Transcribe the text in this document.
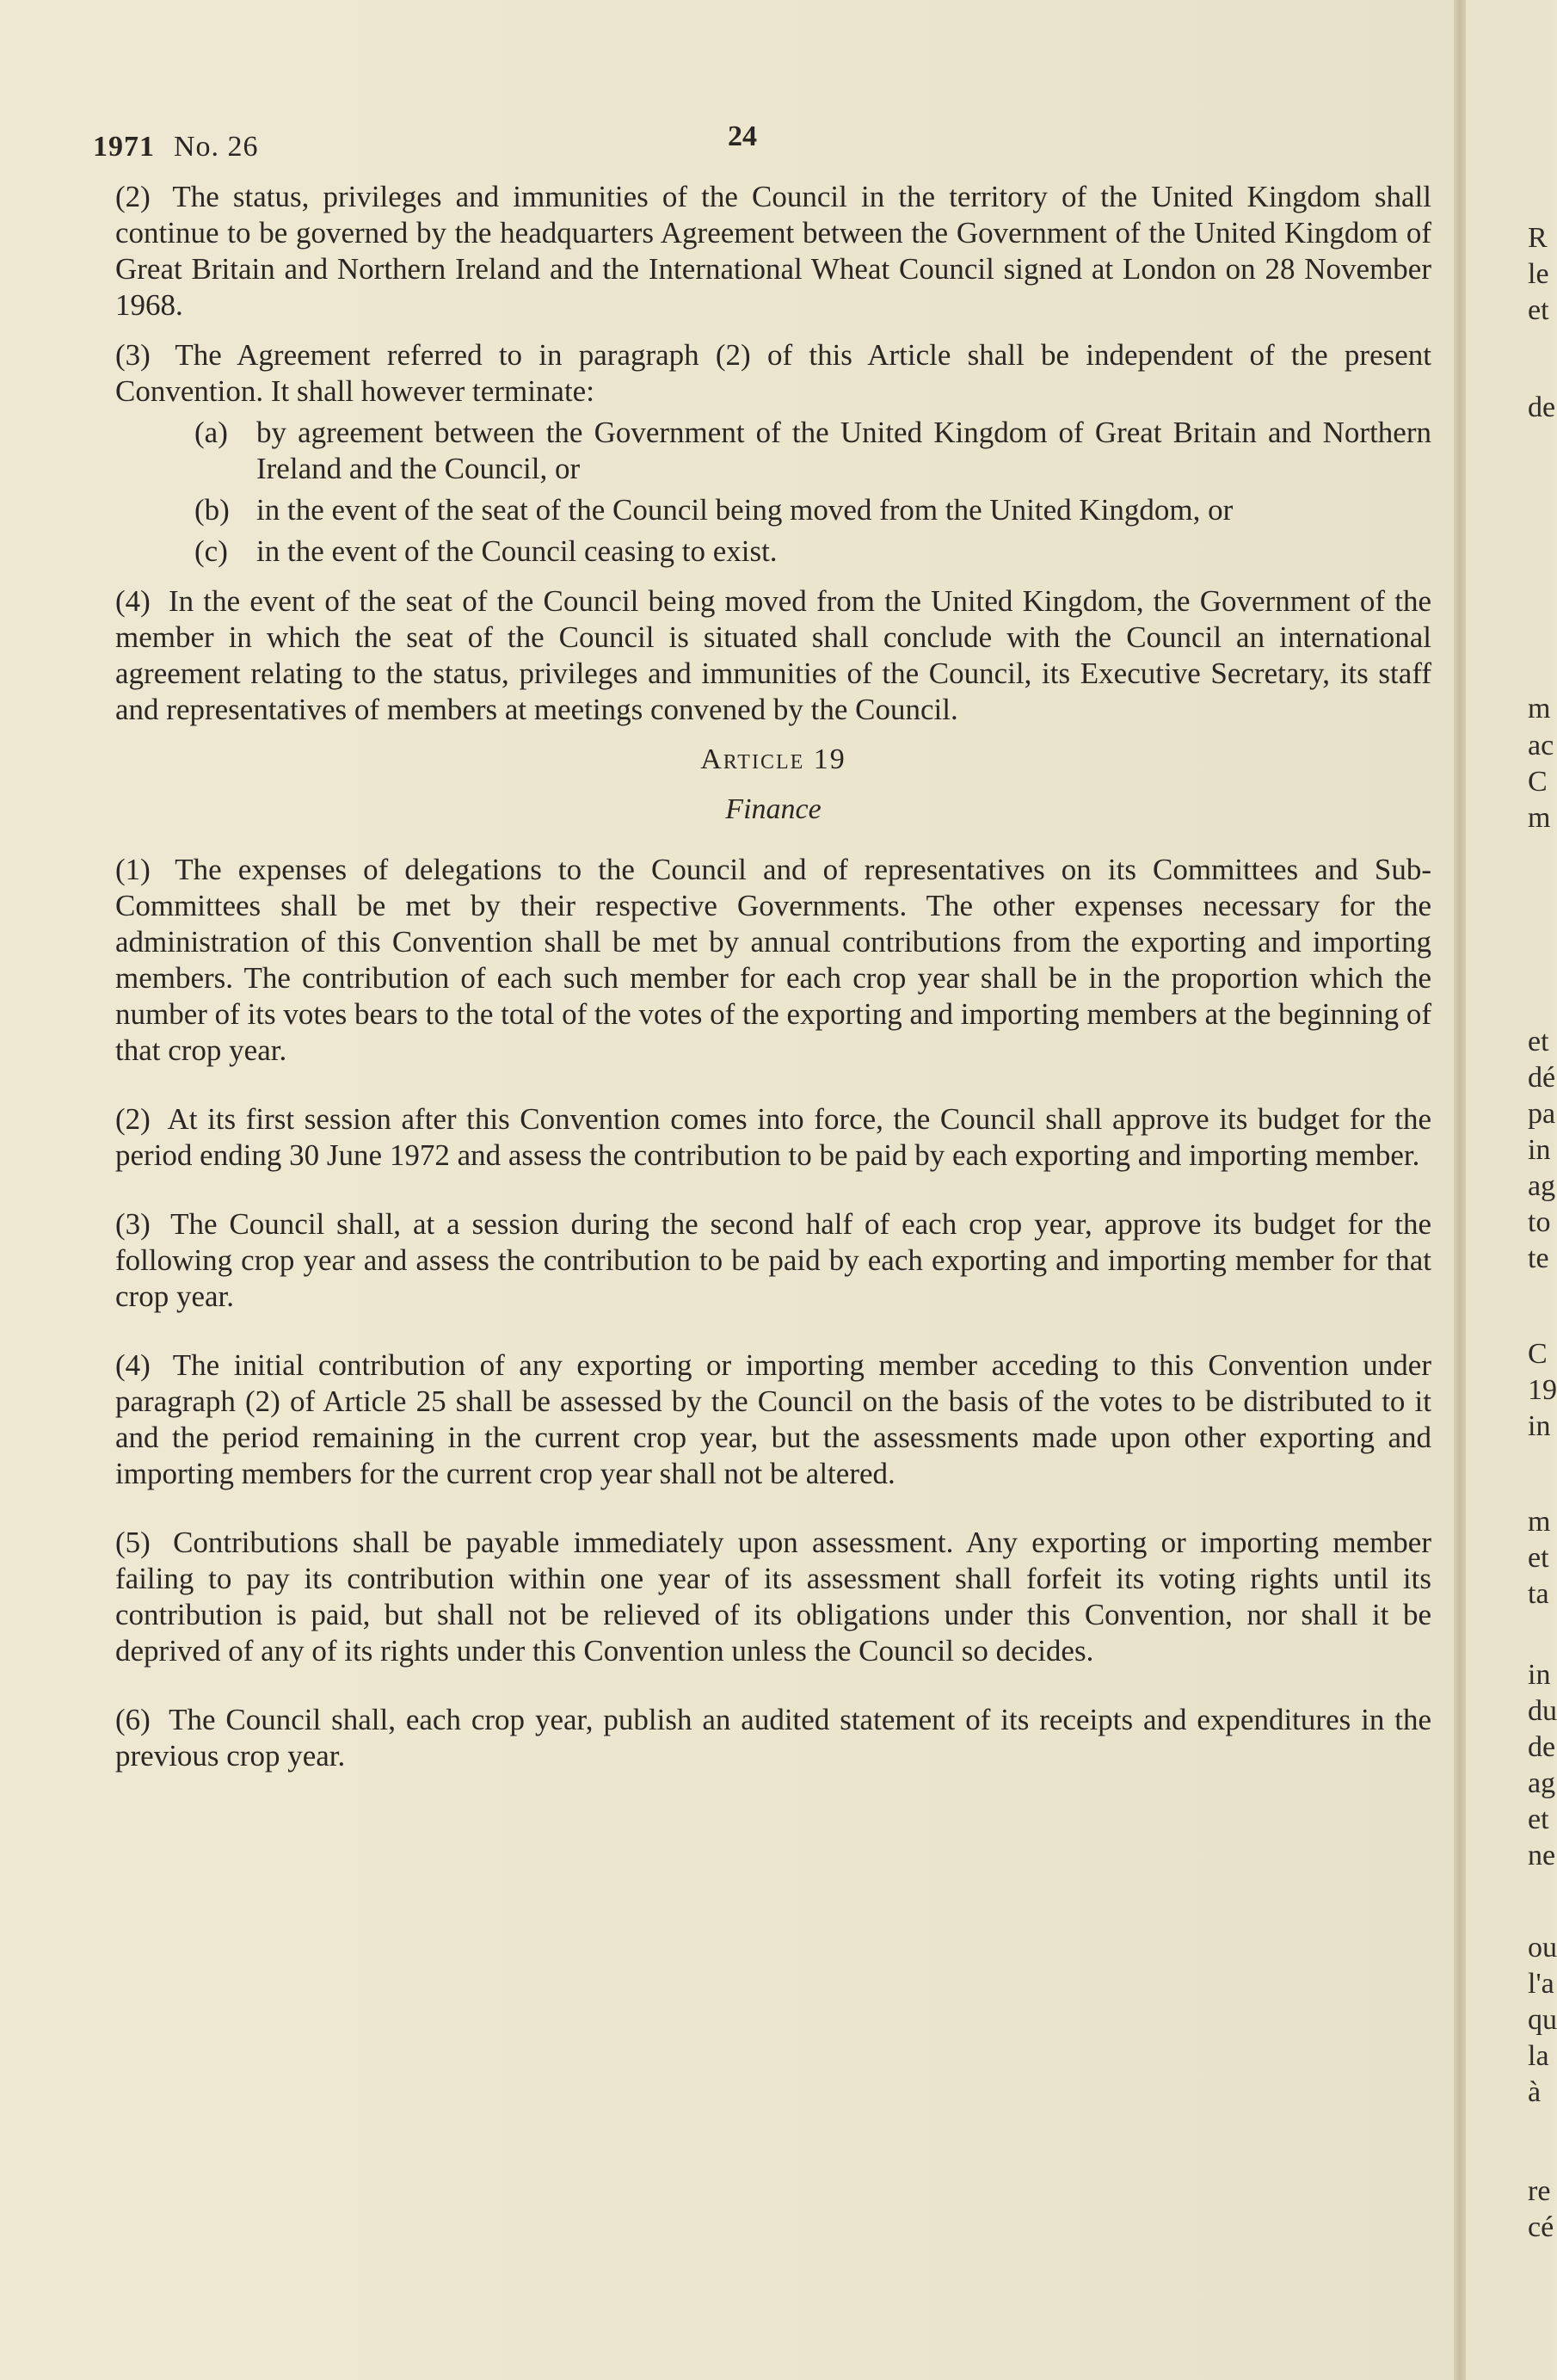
1971 No. 26	24

(2) The status, privileges and immunities of the Council in the territory of the United Kingdom shall continue to be governed by the headquarters Agreement between the Government of the United Kingdom of Great Britain and Northern Ireland and the International Wheat Council signed at London on 28 November 1968.

(3) The Agreement referred to in paragraph (2) of this Article shall be independent of the present Convention. It shall however terminate:

(a) by agreement between the Government of the United Kingdom of Great Britain and Northern Ireland and the Council, or
(b) in the event of the seat of the Council being moved from the United Kingdom, or
(c) in the event of the Council ceasing to exist.

(4) In the event of the seat of the Council being moved from the United Kingdom, the Government of the member in which the seat of the Council is situated shall conclude with the Council an international agreement relating to the status, privileges and immunities of the Council, its Executive Secretary, its staff and representatives of members at meetings convened by the Council.

Article 19
Finance

(1) The expenses of delegations to the Council and of representatives on its Committees and Sub-Committees shall be met by their respective Governments. The other expenses necessary for the administration of this Convention shall be met by annual contributions from the exporting and importing members. The contribution of each such member for each crop year shall be in the proportion which the number of its votes bears to the total of the votes of the exporting and importing members at the beginning of that crop year.

(2) At its first session after this Convention comes into force, the Council shall approve its budget for the period ending 30 June 1972 and assess the contribution to be paid by each exporting and importing member.

(3) The Council shall, at a session during the second half of each crop year, approve its budget for the following crop year and assess the contribution to be paid by each exporting and importing member for that crop year.

(4) The initial contribution of any exporting or importing member acceding to this Convention under paragraph (2) of Article 25 shall be assessed by the Council on the basis of the votes to be distributed to it and the period remaining in the current crop year, but the assessments made upon other exporting and importing members for the current crop year shall not be altered.

(5) Contributions shall be payable immediately upon assessment. Any exporting or importing member failing to pay its contribution within one year of its assessment shall forfeit its voting rights until its contribution is paid, but shall not be relieved of its obligations under this Convention, nor shall it be deprived of any of its rights under this Convention unless the Council so decides.

(6) The Council shall, each crop year, publish an audited statement of its receipts and expenditures in the previous crop year.

R
le
et
de
m
ac
C
m
et
dé
pa
in
ag
to
te
C
19
in
m
et
ta
in
du
de
ag
et
ne
ou
l'a
qu
la
à
re
cé
